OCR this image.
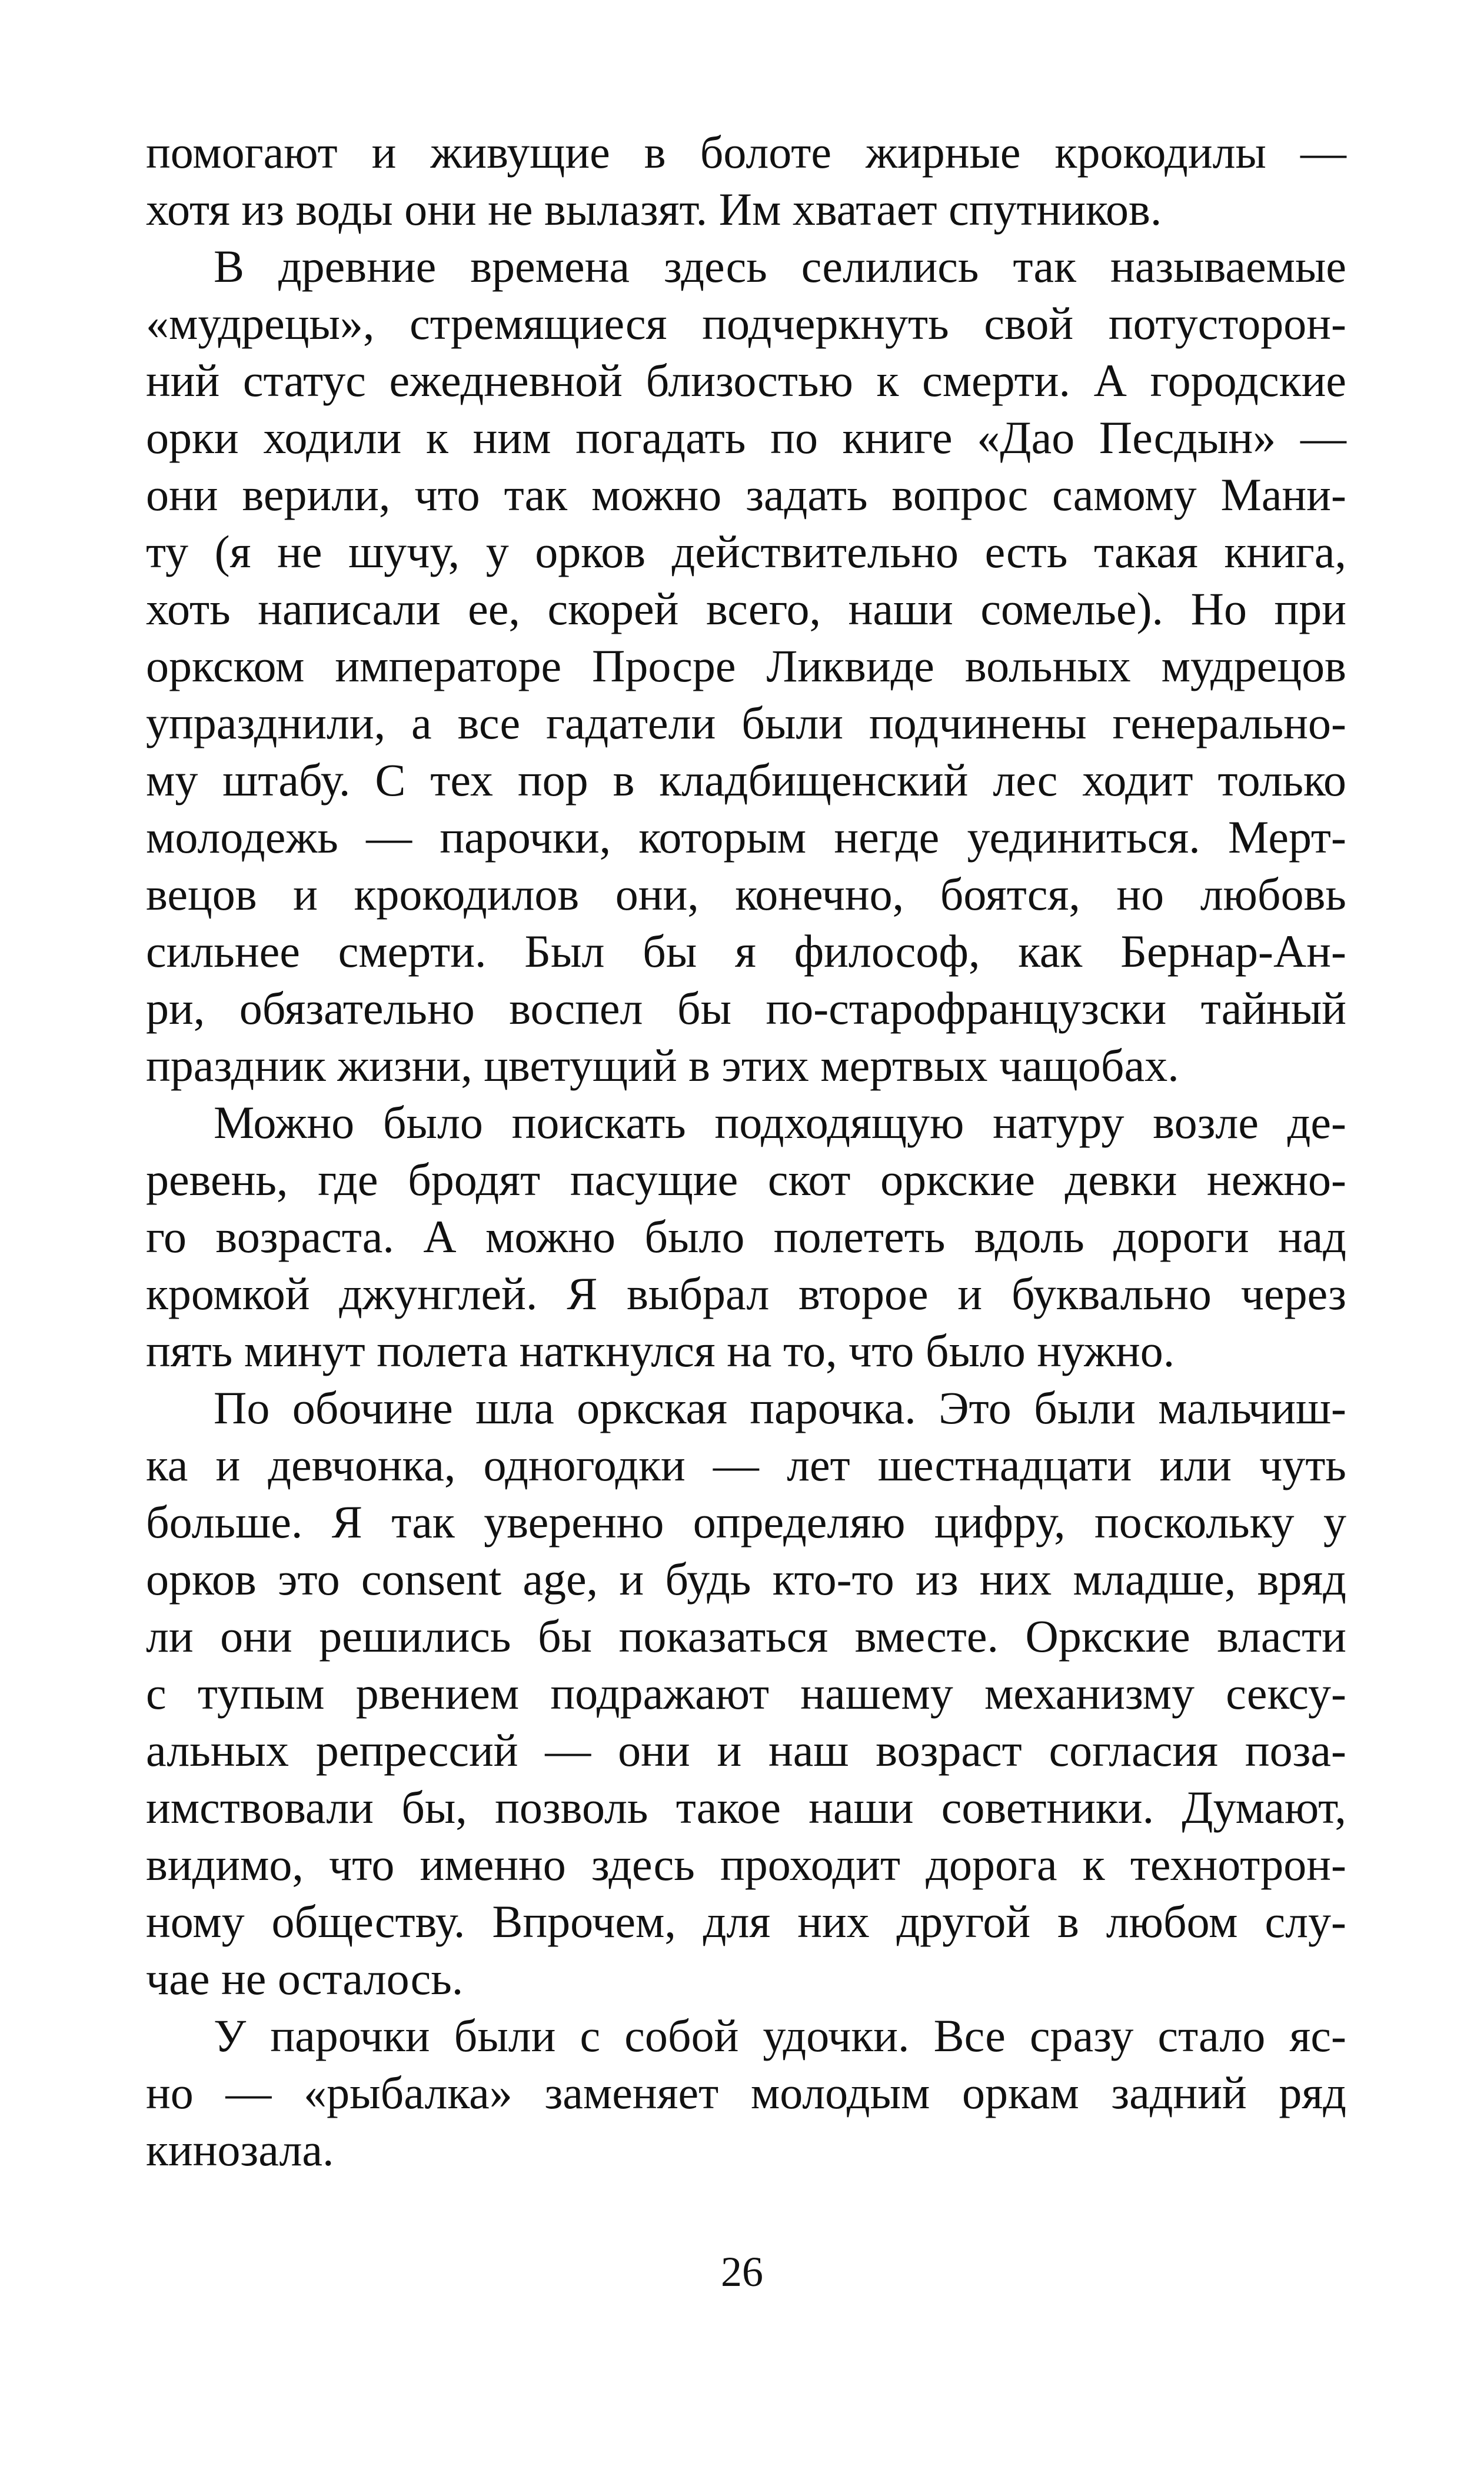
помогают и живущие в болоте жирные крокодилы —
хотя из воды они не вылазят. Им хватает спутников.
В древние времена здесь селились так называемые
«мудрецы», стремящиеся подчеркнуть свой потусторон-
ний статус ежедневной близостью к смерти. А городские
орки ходили к ним погадать по книге «Дао Песдын» —
они верили, что так можно задать вопрос самому Мани-
ту (я не шучу, у орков действительно есть такая книга,
хоть написали ее, скорей всего, наши сомелье). Но при
оркском императоре Просре Ликвиде вольных мудрецов
упразднили, а все гадатели были подчинены генерально-
му штабу. С тех пор в кладбищенский лес ходит только
молодежь — парочки, которым негде уединиться. Мерт-
вецов и крокодилов они, конечно, боятся, но любовь
сильнее смерти. Был бы я философ, как Бернар-Ан-
ри, обязательно воспел бы по-старофранцузски тайный
праздник жизни, цветущий в этих мертвых чащобах.
Можно было поискать подходящую натуру возле де-
ревень, где бродят пасущие скот оркские девки нежно-
го возраста. А можно было полететь вдоль дороги над
кромкой джунглей. Я выбрал второе и буквально через
пять минут полета наткнулся на то, что было нужно.
По обочине шла оркская парочка. Это были мальчиш-
ка и девчонка, одногодки — лет шестнадцати или чуть
больше. Я так уверенно определяю цифру, поскольку у
орков это consent age, и будь кто-то из них младше, вряд
ли они решились бы показаться вместе. Оркские власти
с тупым рвением подражают нашему механизму сексу-
альных репрессий — они и наш возраст согласия поза-
имствовали бы, позволь такое наши советники. Думают,
видимо, что именно здесь проходит дорога к технотрон-
ному обществу. Впрочем, для них другой в любом слу-
чае не осталось.
У парочки были с собой удочки. Все сразу стало яс-
но — «рыбалка» заменяет молодым оркам задний ряд
кинозала.
26
